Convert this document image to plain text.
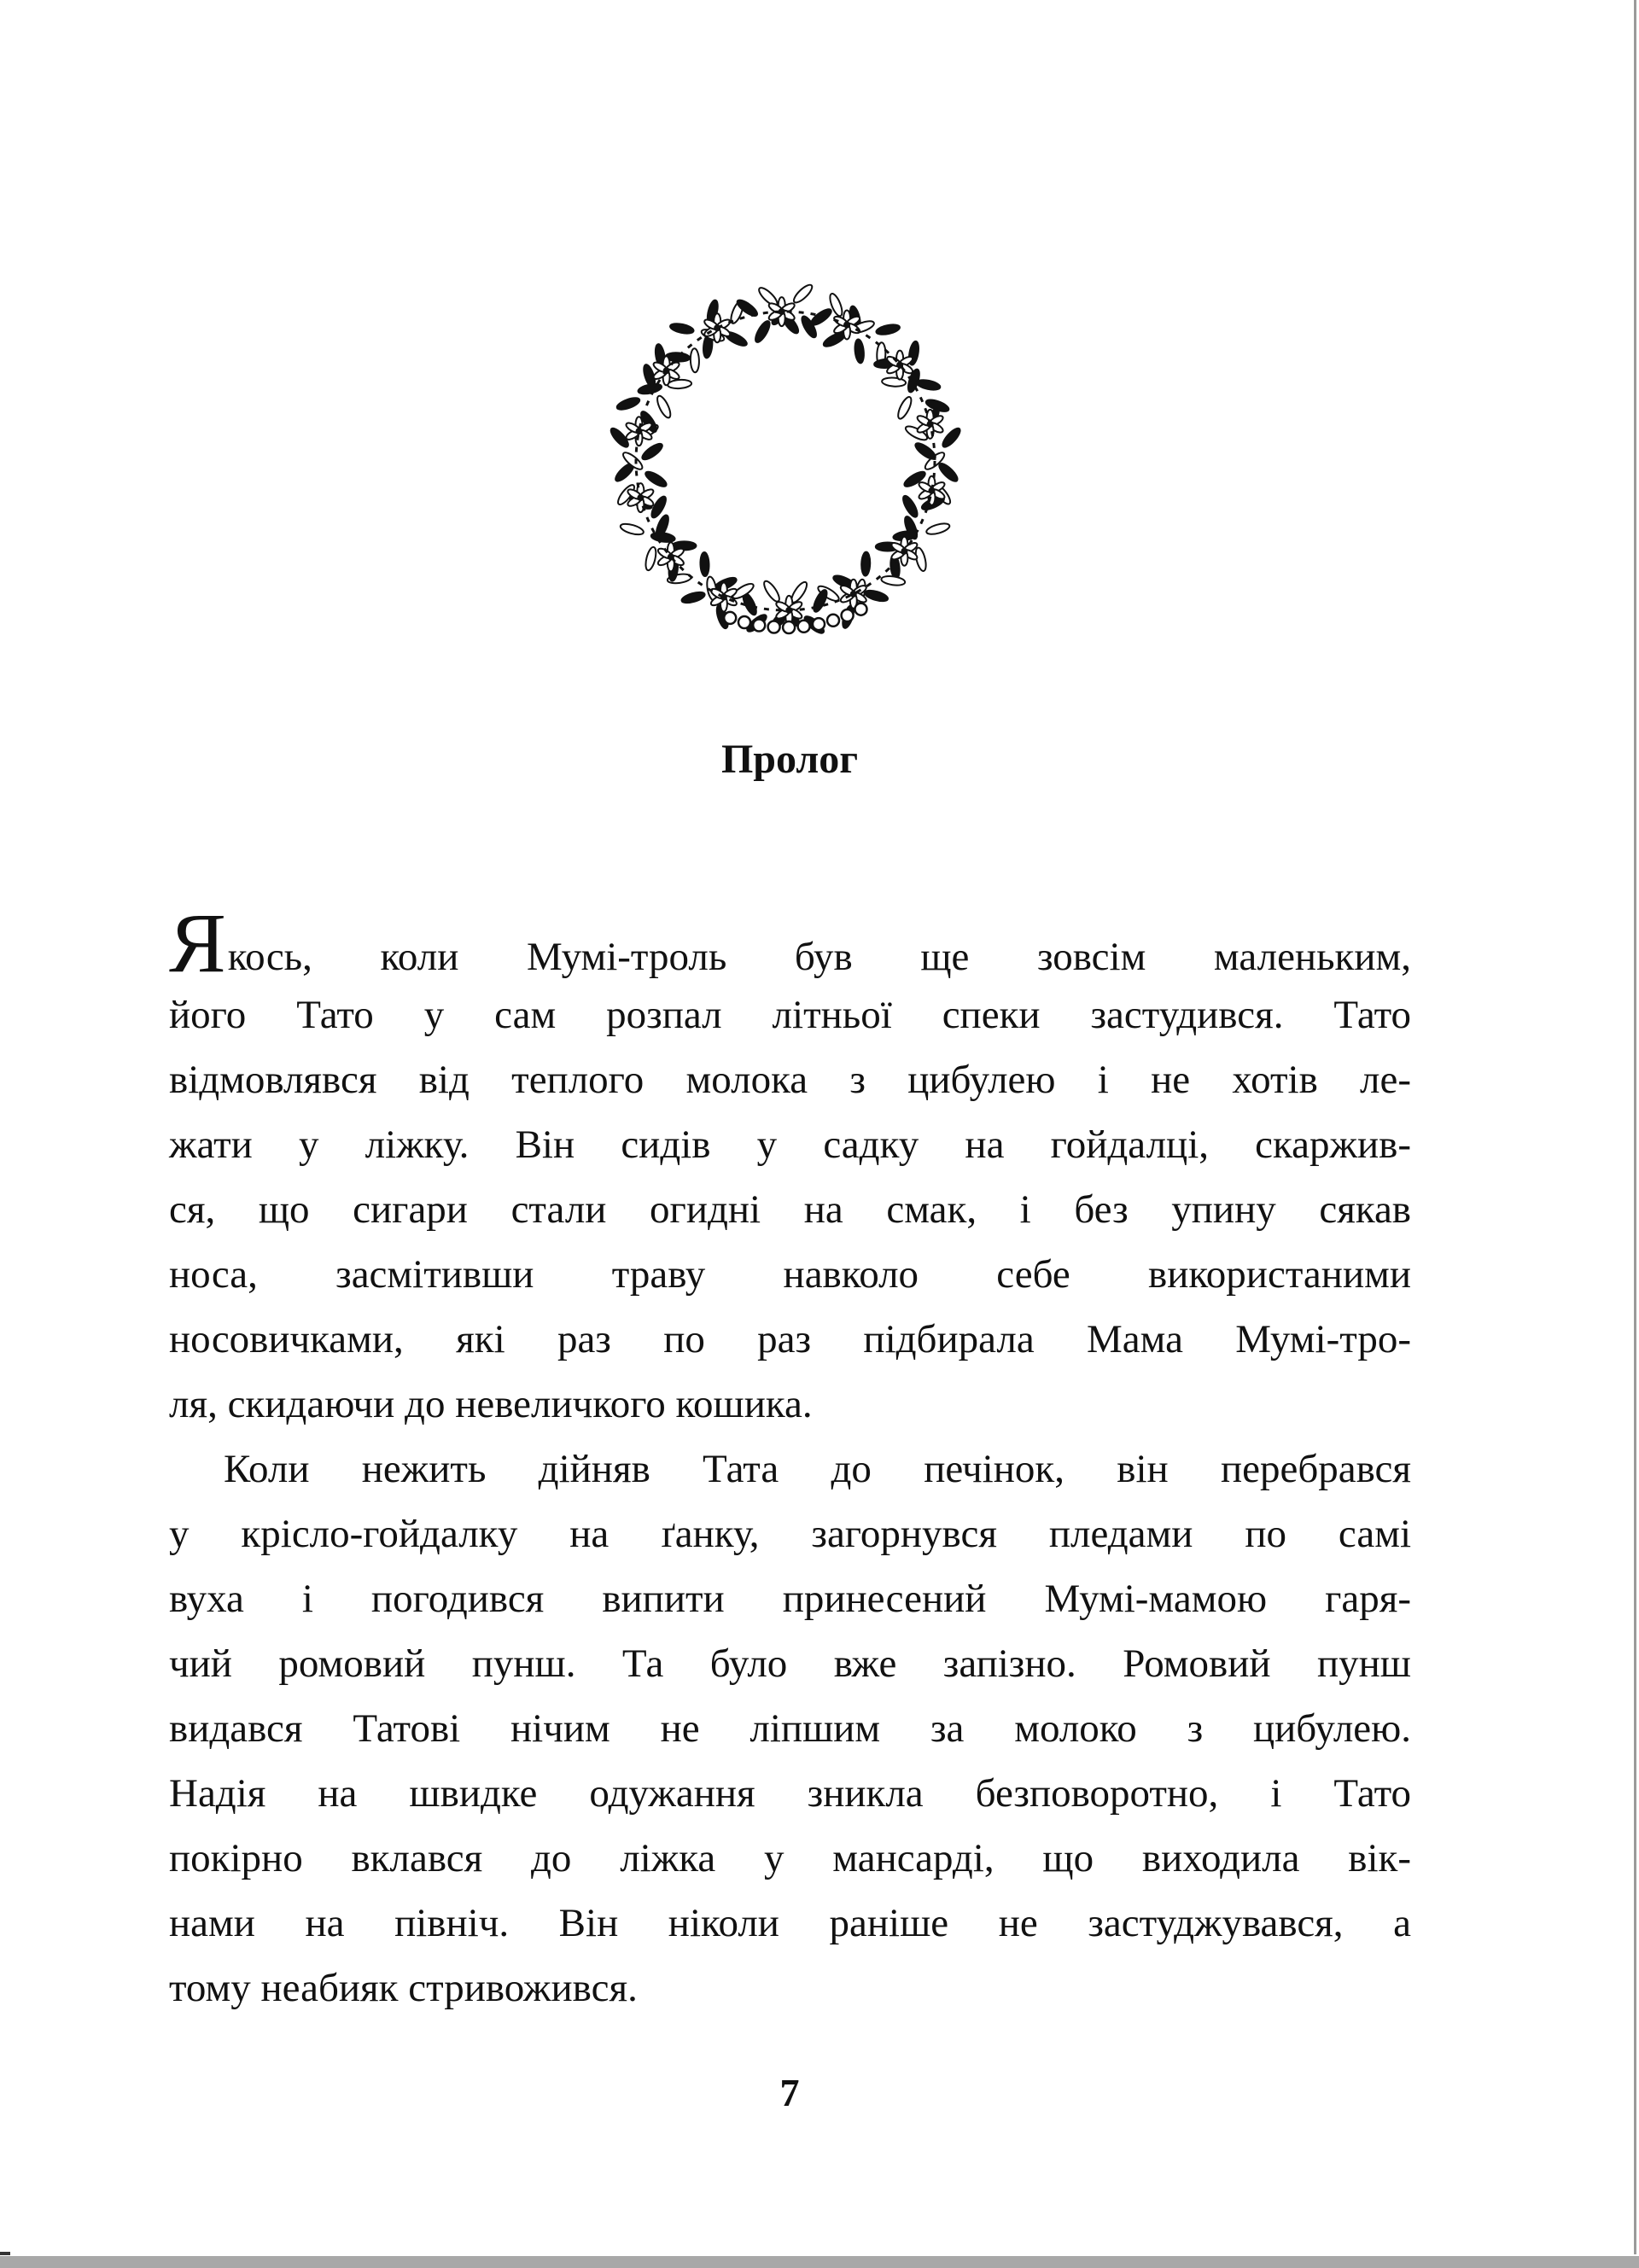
Пролог
Якось, коли Мумі-троль був ще зовсім маленьким,
його Тато у сам розпал літньої спеки застудився. Тато
відмовлявся від теплого молока з цибулею і не хотів ле-
жати у ліжку. Він сидів у садку на гойдалці, скаржив-
ся, що сигари стали огидні на смак, і без упину сякав
носа, засмітивши траву навколо себе використаними
носовичками, які раз по раз підбирала Мама Мумі-тро-
ля, скидаючи до невеличкого кошика.
Коли нежить дійняв Тата до печінок, він перебрався
у крісло-гойдалку на ґанку, загорнувся пледами по самі
вуха і погодився випити принесений Мумі-мамою гаря-
чий ромовий пунш. Та було вже запізно. Ромовий пунш
видався Татові нічим не ліпшим за молоко з цибулею.
Надія на швидке одужання зникла безповоротно, і Тато
покірно вклався до ліжка у мансарді, що виходила вік-
нами на північ. Він ніколи раніше не застуджувався, а
тому неабияк стривожився.
7
